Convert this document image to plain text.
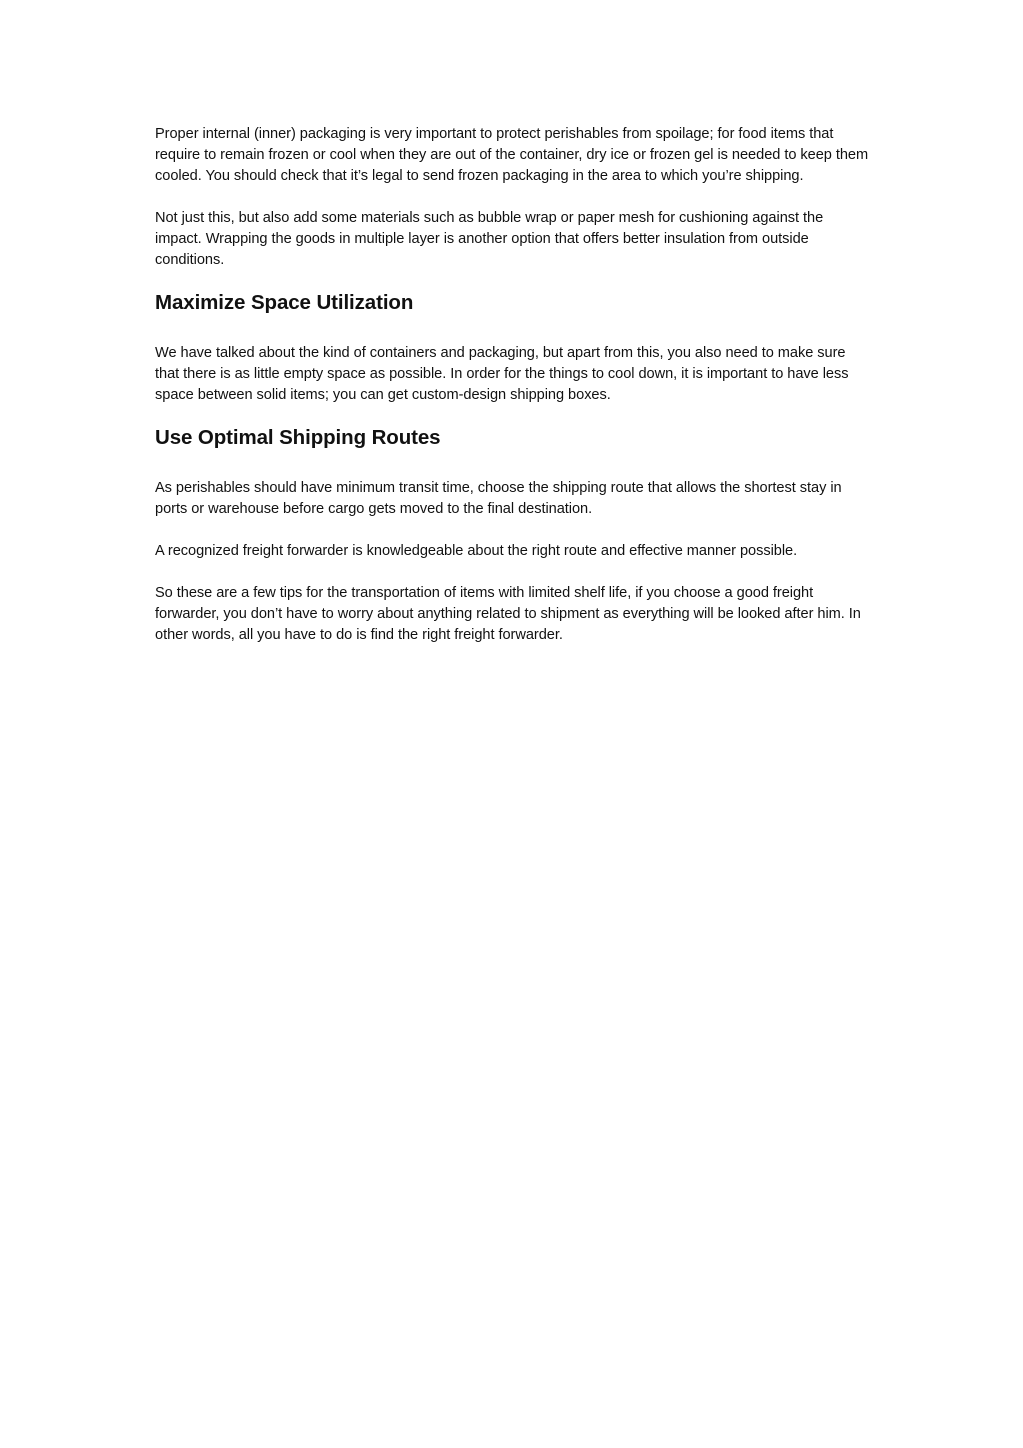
Proper internal (inner) packaging is very important to protect perishables from spoilage; for food items that require to remain frozen or cool when they are out of the container, dry ice or frozen gel is needed to keep them cooled. You should check that it’s legal to send frozen packaging in the area to which you’re shipping.

Not just this, but also add some materials such as bubble wrap or paper mesh for cushioning against the impact. Wrapping the goods in multiple layer is another option that offers better insulation from outside conditions.

Maximize Space Utilization

We have talked about the kind of containers and packaging, but apart from this, you also need to make sure that there is as little empty space as possible. In order for the things to cool down, it is important to have less space between solid items; you can get custom-design shipping boxes.

Use Optimal Shipping Routes

As perishables should have minimum transit time, choose the shipping route that allows the shortest stay in ports or warehouse before cargo gets moved to the final destination.

A recognized freight forwarder is knowledgeable about the right route and effective manner possible.

So these are a few tips for the transportation of items with limited shelf life, if you choose a good freight forwarder, you don’t have to worry about anything related to shipment as everything will be looked after him. In other words, all you have to do is find the right freight forwarder.
